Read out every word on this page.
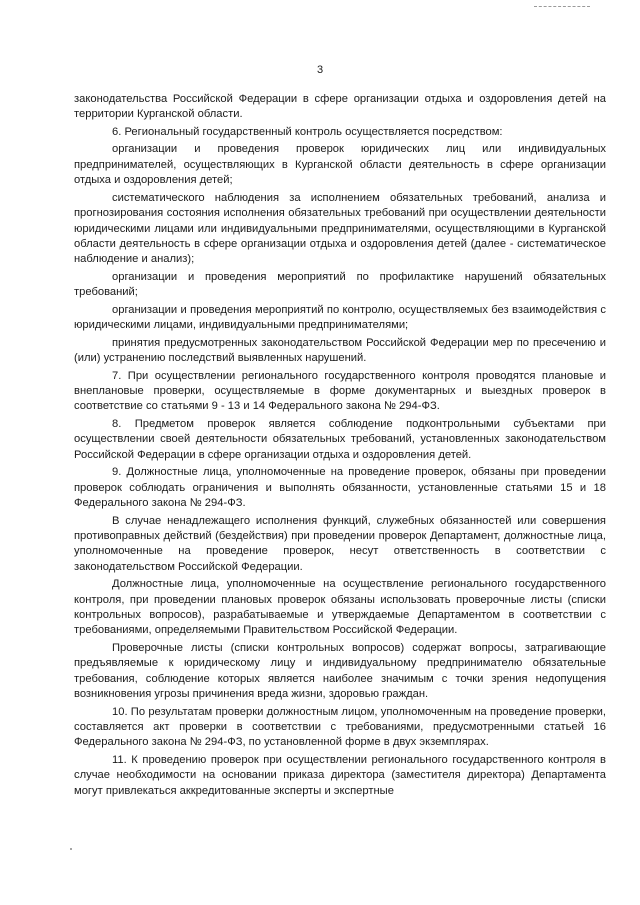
3

законодательства Российской Федерации в сфере организации отдыха и оздоровления детей на территории Курганской области.

6. Региональный государственный контроль осуществляется посредством:

организации и проведения проверок юридических лиц или индивидуальных предпринимателей, осуществляющих в Курганской области деятельность в сфере организации отдыха и оздоровления детей;

систематического наблюдения за исполнением обязательных требований, анализа и прогнозирования состояния исполнения обязательных требований при осуществлении деятельности юридическими лицами или индивидуальными предпринимателями, осуществляющими в Курганской области деятельность в сфере организации отдыха и оздоровления детей (далее - систематическое наблюдение и анализ);

организации и проведения мероприятий по профилактике нарушений обязательных требований;

организации и проведения мероприятий по контролю, осуществляемых без взаимодействия с юридическими лицами, индивидуальными предпринимателями;

принятия предусмотренных законодательством Российской Федерации мер по пресечению и (или) устранению последствий выявленных нарушений.

7. При осуществлении регионального государственного контроля проводятся плановые и внеплановые проверки, осуществляемые в форме документарных и выездных проверок в соответствие со статьями 9 - 13 и 14 Федерального закона № 294-ФЗ.

8. Предметом проверок является соблюдение подконтрольными субъектами при осуществлении своей деятельности обязательных требований, установленных законодательством Российской Федерации в сфере организации отдыха и оздоровления детей.

9. Должностные лица, уполномоченные на проведение проверок, обязаны при проведении проверок соблюдать ограничения и выполнять обязанности, установленные статьями 15 и 18 Федерального закона № 294-ФЗ.

В случае ненадлежащего исполнения функций, служебных обязанностей или совершения противоправных действий (бездействия) при проведении проверок Департамент, должностные лица, уполномоченные на проведение проверок, несут ответственность в соответствии с законодательством Российской Федерации.

Должностные лица, уполномоченные на осуществление регионального государственного контроля, при проведении плановых проверок обязаны использовать проверочные листы (списки контрольных вопросов), разрабатываемые и утверждаемые Департаментом в соответствии с требованиями, определяемыми Правительством Российской Федерации.

Проверочные листы (списки контрольных вопросов) содержат вопросы, затрагивающие предъявляемые к юридическому лицу и индивидуальному предпринимателю обязательные требования, соблюдение которых является наиболее значимым с точки зрения недопущения возникновения угрозы причинения вреда жизни, здоровью граждан.

10. По результатам проверки должностным лицом, уполномоченным на проведение проверки, составляется акт проверки в соответствии с требованиями, предусмотренными статьей 16 Федерального закона № 294-ФЗ, по установленной форме в двух экземплярах.

11. К проведению проверок при осуществлении регионального государственного контроля в случае необходимости на основании приказа директора (заместителя директора) Департамента могут привлекаться аккредитованные эксперты и экспертные
